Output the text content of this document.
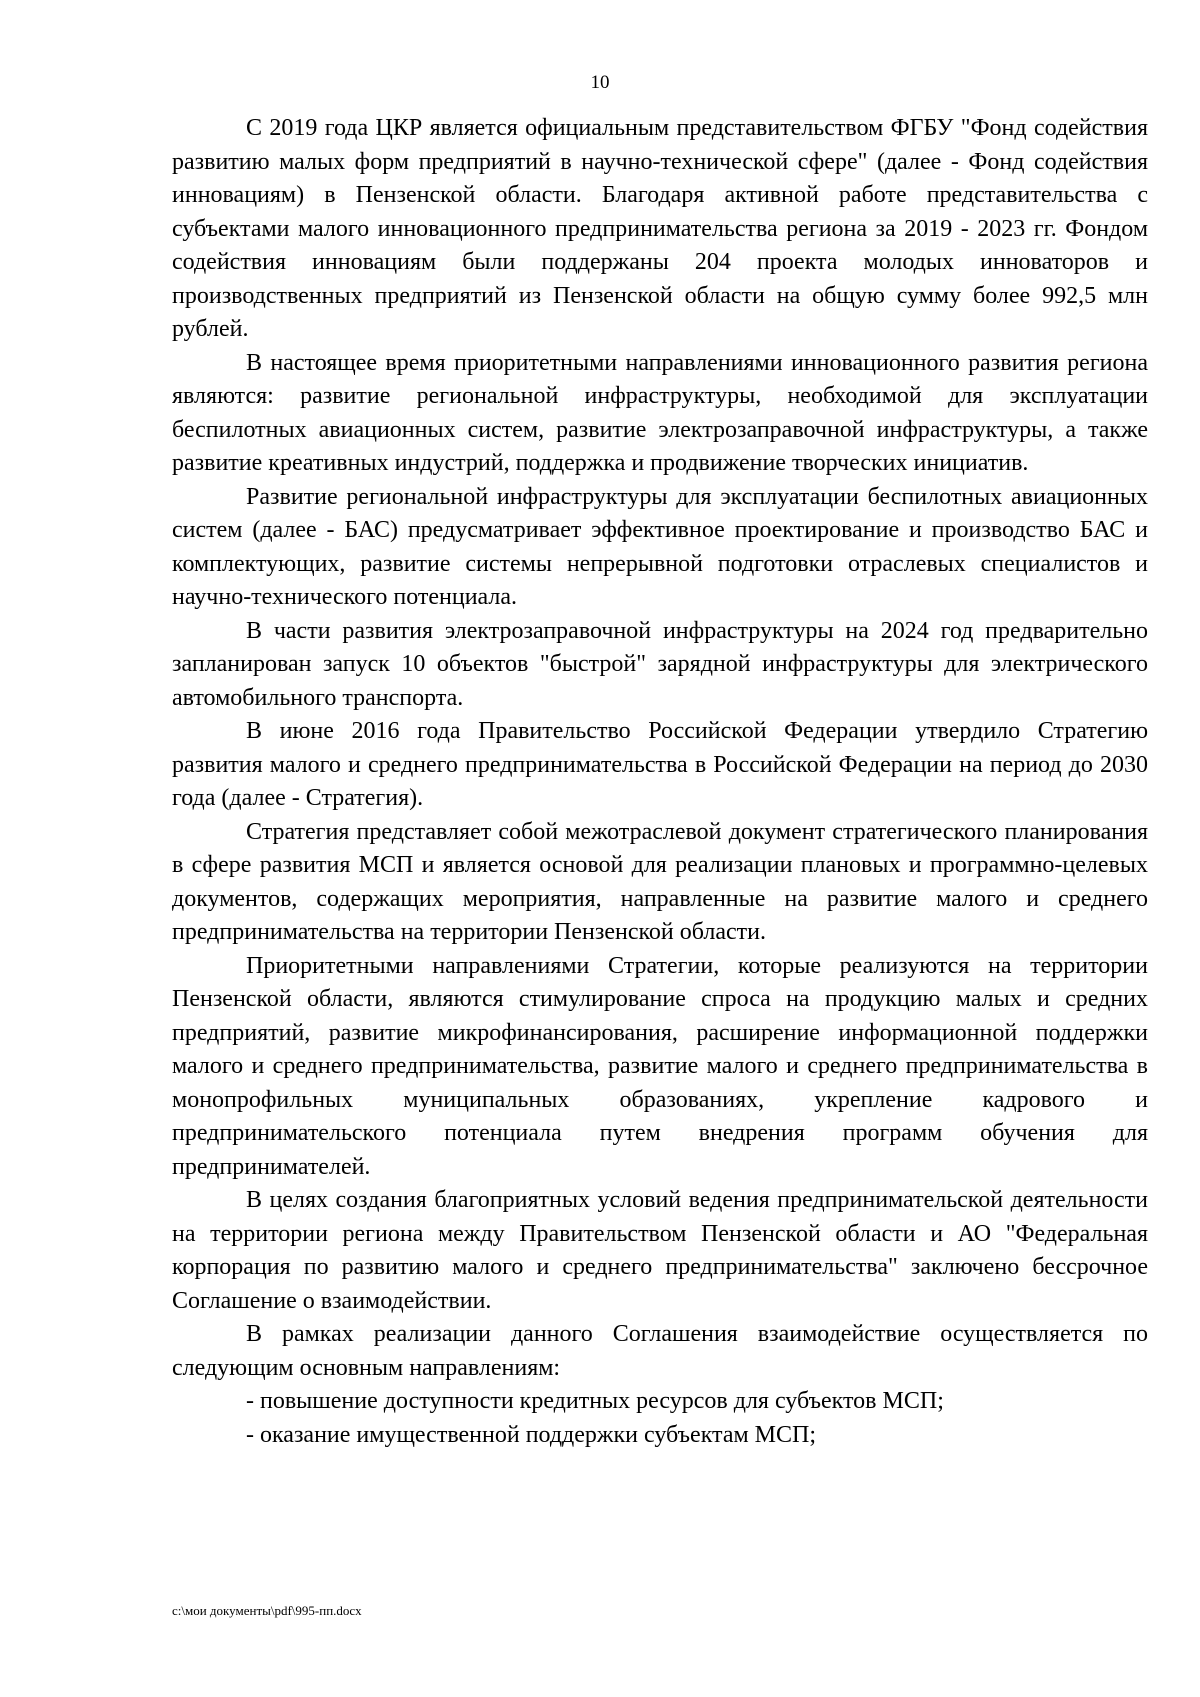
10

С 2019 года ЦКР является официальным представительством ФГБУ "Фонд содействия развитию малых форм предприятий в научно-технической сфере" (далее - Фонд содействия инновациям) в Пензенской области. Благодаря активной работе представительства с субъектами малого инновационного предпринимательства региона за 2019 - 2023 гг. Фондом содействия инновациям были поддержаны 204 проекта молодых инноваторов и производственных предприятий из Пензенской области на общую сумму более 992,5 млн рублей.

В настоящее время приоритетными направлениями инновационного развития региона являются: развитие региональной инфраструктуры, необходимой для эксплуатации беспилотных авиационных систем, развитие электрозаправочной инфраструктуры, а также развитие креативных индустрий, поддержка и продвижение творческих инициатив.

Развитие региональной инфраструктуры для эксплуатации беспилотных авиационных систем (далее - БАС) предусматривает эффективное проектирование и производство БАС и комплектующих, развитие системы непрерывной подготовки отраслевых специалистов и научно-технического потенциала.

В части развития электрозаправочной инфраструктуры на 2024 год предварительно запланирован запуск 10 объектов "быстрой" зарядной инфраструктуры для электрического автомобильного транспорта.

В июне 2016 года Правительство Российской Федерации утвердило Стратегию развития малого и среднего предпринимательства в Российской Федерации на период до 2030 года (далее - Стратегия).

Стратегия представляет собой межотраслевой документ стратегического планирования в сфере развития МСП и является основой для реализации плановых и программно-целевых документов, содержащих мероприятия, направленные на развитие малого и среднего предпринимательства на территории Пензенской области.

Приоритетными направлениями Стратегии, которые реализуются на территории Пензенской области, являются стимулирование спроса на продукцию малых и средних предприятий, развитие микрофинансирования, расширение информационной поддержки малого и среднего предпринимательства, развитие малого и среднего предпринимательства в монопрофильных муниципальных образованиях, укрепление кадрового и предпринимательского потенциала путем внедрения программ обучения для предпринимателей.

В целях создания благоприятных условий ведения предпринимательской деятельности на территории региона между Правительством Пензенской области и АО "Федеральная корпорация по развитию малого и среднего предпринимательства" заключено бессрочное Соглашение о взаимодействии.

В рамках реализации данного Соглашения взаимодействие осуществляется по следующим основным направлениям:

- повышение доступности кредитных ресурсов для субъектов МСП;

- оказание имущественной поддержки субъектам МСП;

c:\мои документы\pdf\995-пп.docx
